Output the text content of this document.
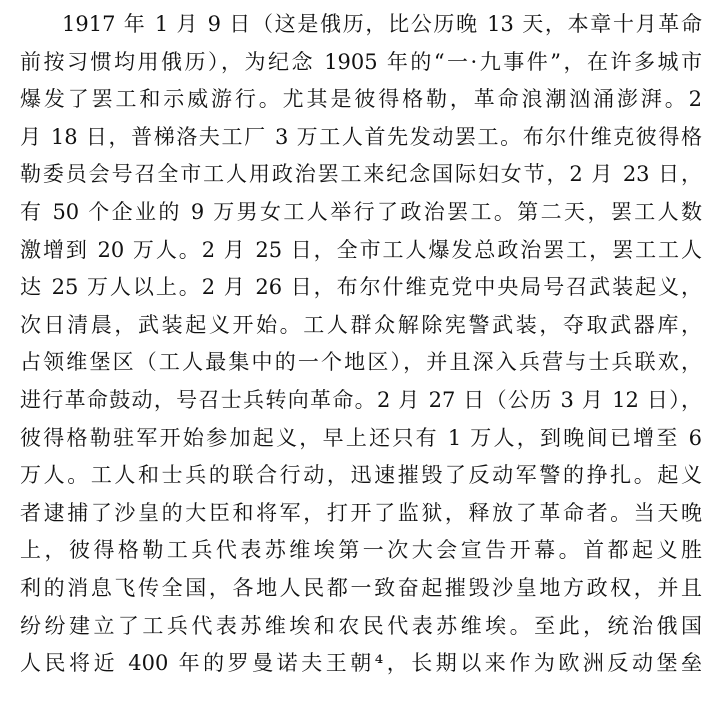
1917 年 1 月 9 日（这是俄历，比公历晚 13 天，本章十月革命
前按习惯均用俄历），为纪念 1905 年的“一·九事件”，在许多城市
爆发了罢工和示威游行。尤其是彼得格勒，革命浪潮汹涌澎湃。2
月 18 日，普梯洛夫工厂 3 万工人首先发动罢工。布尔什维克彼得格
勒委员会号召全市工人用政治罢工来纪念国际妇女节，2 月 23 日，
有 50 个企业的 9 万男女工人举行了政治罢工。第二天，罢工人数
激增到 20 万人。2 月 25 日，全市工人爆发总政治罢工，罢工工人
达 25 万人以上。2 月 26 日，布尔什维克党中央局号召武装起义，
次日清晨，武装起义开始。工人群众解除宪警武装，夺取武器库，
占领维堡区（工人最集中的一个地区），并且深入兵营与士兵联欢，
进行革命鼓动，号召士兵转向革命。2 月 27 日（公历 3 月 12 日），
彼得格勒驻军开始参加起义，早上还只有 1 万人，到晚间已增至 6
万人。工人和士兵的联合行动，迅速摧毁了反动军警的挣扎。起义
者逮捕了沙皇的大臣和将军，打开了监狱，释放了革命者。当天晚
上，彼得格勒工兵代表苏维埃第一次大会宣告开幕。首都起义胜
利的消息飞传全国，各地人民都一致奋起摧毁沙皇地方政权，并且
纷纷建立了工兵代表苏维埃和农民代表苏维埃。至此，统治俄国
人民将近 400 年的罗曼诺夫王朝⁴，长期以来作为欧洲反动堡垒
